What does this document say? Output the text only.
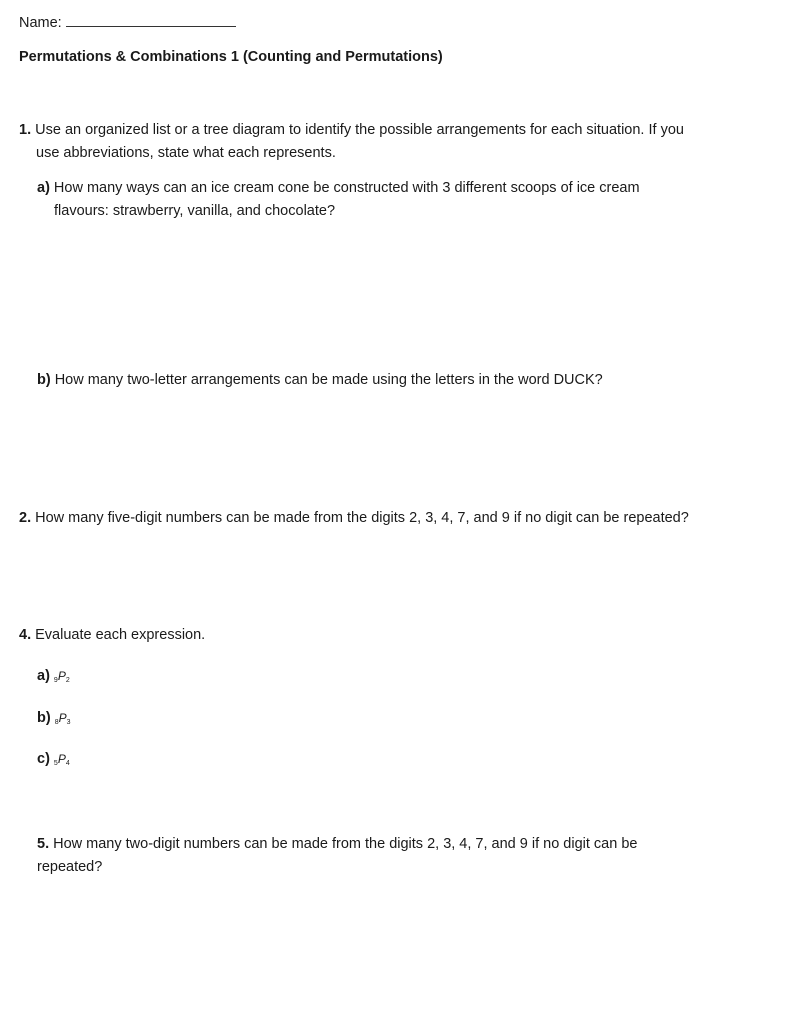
Name:
Permutations & Combinations 1 (Counting and Permutations)
1. Use an organized list or a tree diagram to identify the possible arrangements for each situation. If you
use abbreviations, state what each represents.
a) How many ways can an ice cream cone be constructed with 3 different scoops of ice cream
flavours: strawberry, vanilla, and chocolate?
b) How many two-letter arrangements can be made using the letters in the word DUCK?
2. How many five-digit numbers can be made from the digits 2, 3, 4, 7, and 9 if no digit can be repeated?
4. Evaluate each expression.
a) $9P_2$
b) $8P_3$
c) $5P_4$
5. How many two-digit numbers can be made from the digits 2, 3, 4, 7, and 9 if no digit can be
repeated?
